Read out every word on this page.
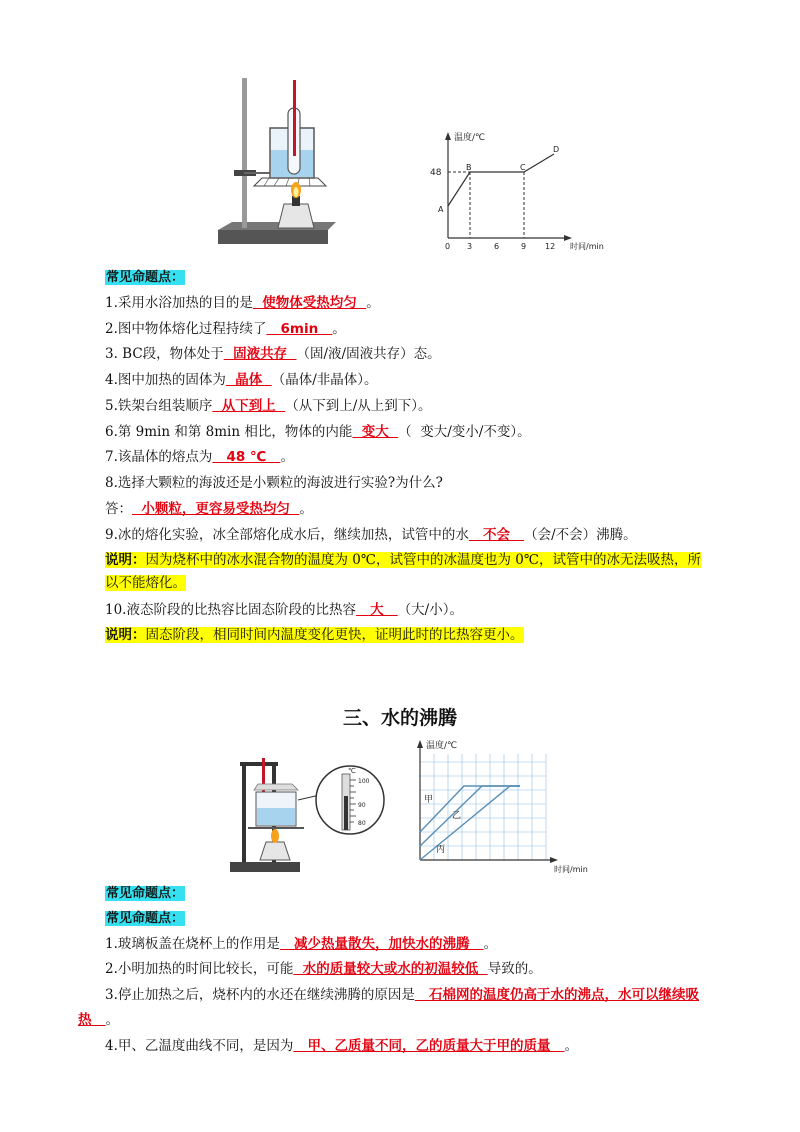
温度/℃
时间/min
48
A
B	C
D
0 3	6	9 12
常见命题点：
1.采用水浴加热的目的是  使物体受热均匀  。
2.图中物体熔化过程持续了   6min   。
3. BC段，物体处于  固液共存  （固/液/固液共存）态。
4.图中加热的固体为  晶体  （晶体/非晶体）。
5.铁架台组装顺序  从下到上  （从下到上/从上到下）。
6.第 9min 和第 8min 相比，物体的内能  变大  （  变大/变小/不变）。
7.该晶体的熔点为   48 ℃   。
8.选择大颗粒的海波还是小颗粒的海波进行实验?为什么?
答：  小颗粒，更容易受热均匀  。
9.冰的熔化实验，冰全部熔化成水后，继续加热，试管中的水   不会   （会/不会）沸腾。
说明：因为烧杯中的冰水混合物的温度为 0℃，试管中的冰温度也为 0℃，试管中的冰无法吸热，所
以不能熔化。
10.液态阶段的比热容比固态阶段的比热容   大   （大/小）。
说明：固态阶段，相同时间内温度变化更快，证明此时的比热容更小。
三、水的沸腾
℃
100
90
80
温度/℃
时间/min
甲
乙
丙
常见命题点：
常见命题点：
1.玻璃板盖在烧杯上的作用是   减少热量散失，加快水的沸腾   。
2.小明加热的时间比较长，可能  水的质量较大或水的初温较低  导致的。
3.停止加热之后，烧杯内的水还在继续沸腾的原因是   石棉网的温度仍高于水的沸点，水可以继续吸
热   。
4.甲、乙温度曲线不同，是因为   甲、乙质量不同，乙的质量大于甲的质量   。
